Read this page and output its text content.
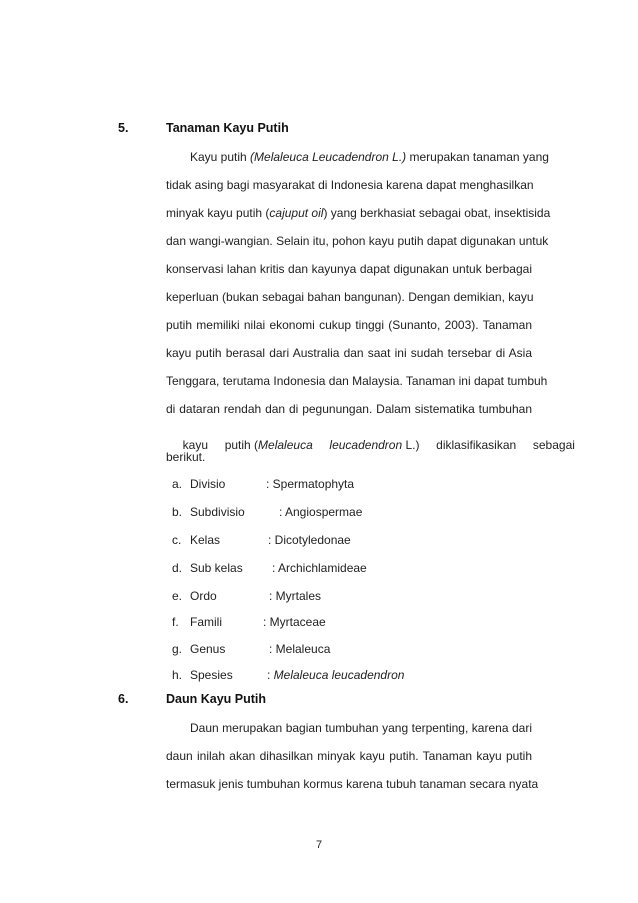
5.	Tanaman Kayu Putih
Kayu putih (Melaleuca Leucadendron L.) merupakan tanaman yang
tidak asing bagi masyarakat di Indonesia karena dapat menghasilkan
minyak kayu putih (cajuput oil) yang berkhasiat sebagai obat, insektisida
dan wangi-wangian. Selain itu, pohon kayu putih dapat digunakan untuk
konservasi lahan kritis dan kayunya dapat digunakan untuk berbagai
keperluan (bukan sebagai bahan bangunan). Dengan demikian, kayu
putih memiliki nilai ekonomi cukup tinggi (Sunanto, 2003). Tanaman
kayu putih berasal dari Australia dan saat ini sudah tersebar di Asia
Tenggara, terutama Indonesia dan Malaysia. Tanaman ini dapat tumbuh
di dataran rendah dan di pegunungan. Dalam sistematika tumbuhan

kayu     putih (Melaleuca leucadendron L.)     diklasifikasikan     sebagai

berikut.
a. Divisio	: Spermatophyta
b. Subdivisio	: Angiospermae
c. Kelas	: Dicotyledonae
d. Sub kelas : Archichlamideae
e. Ordo	: Myrtales
f. Famili	: Myrtaceae
g. Genus	: Melaleuca
h. Spesies	: Melaleuca leucadendron
6.	Daun Kayu Putih
Daun merupakan bagian tumbuhan yang terpenting, karena dari
daun inilah akan dihasilkan minyak kayu putih. Tanaman kayu putih
termasuk jenis tumbuhan kormus karena tubuh tanaman secara nyata
7
